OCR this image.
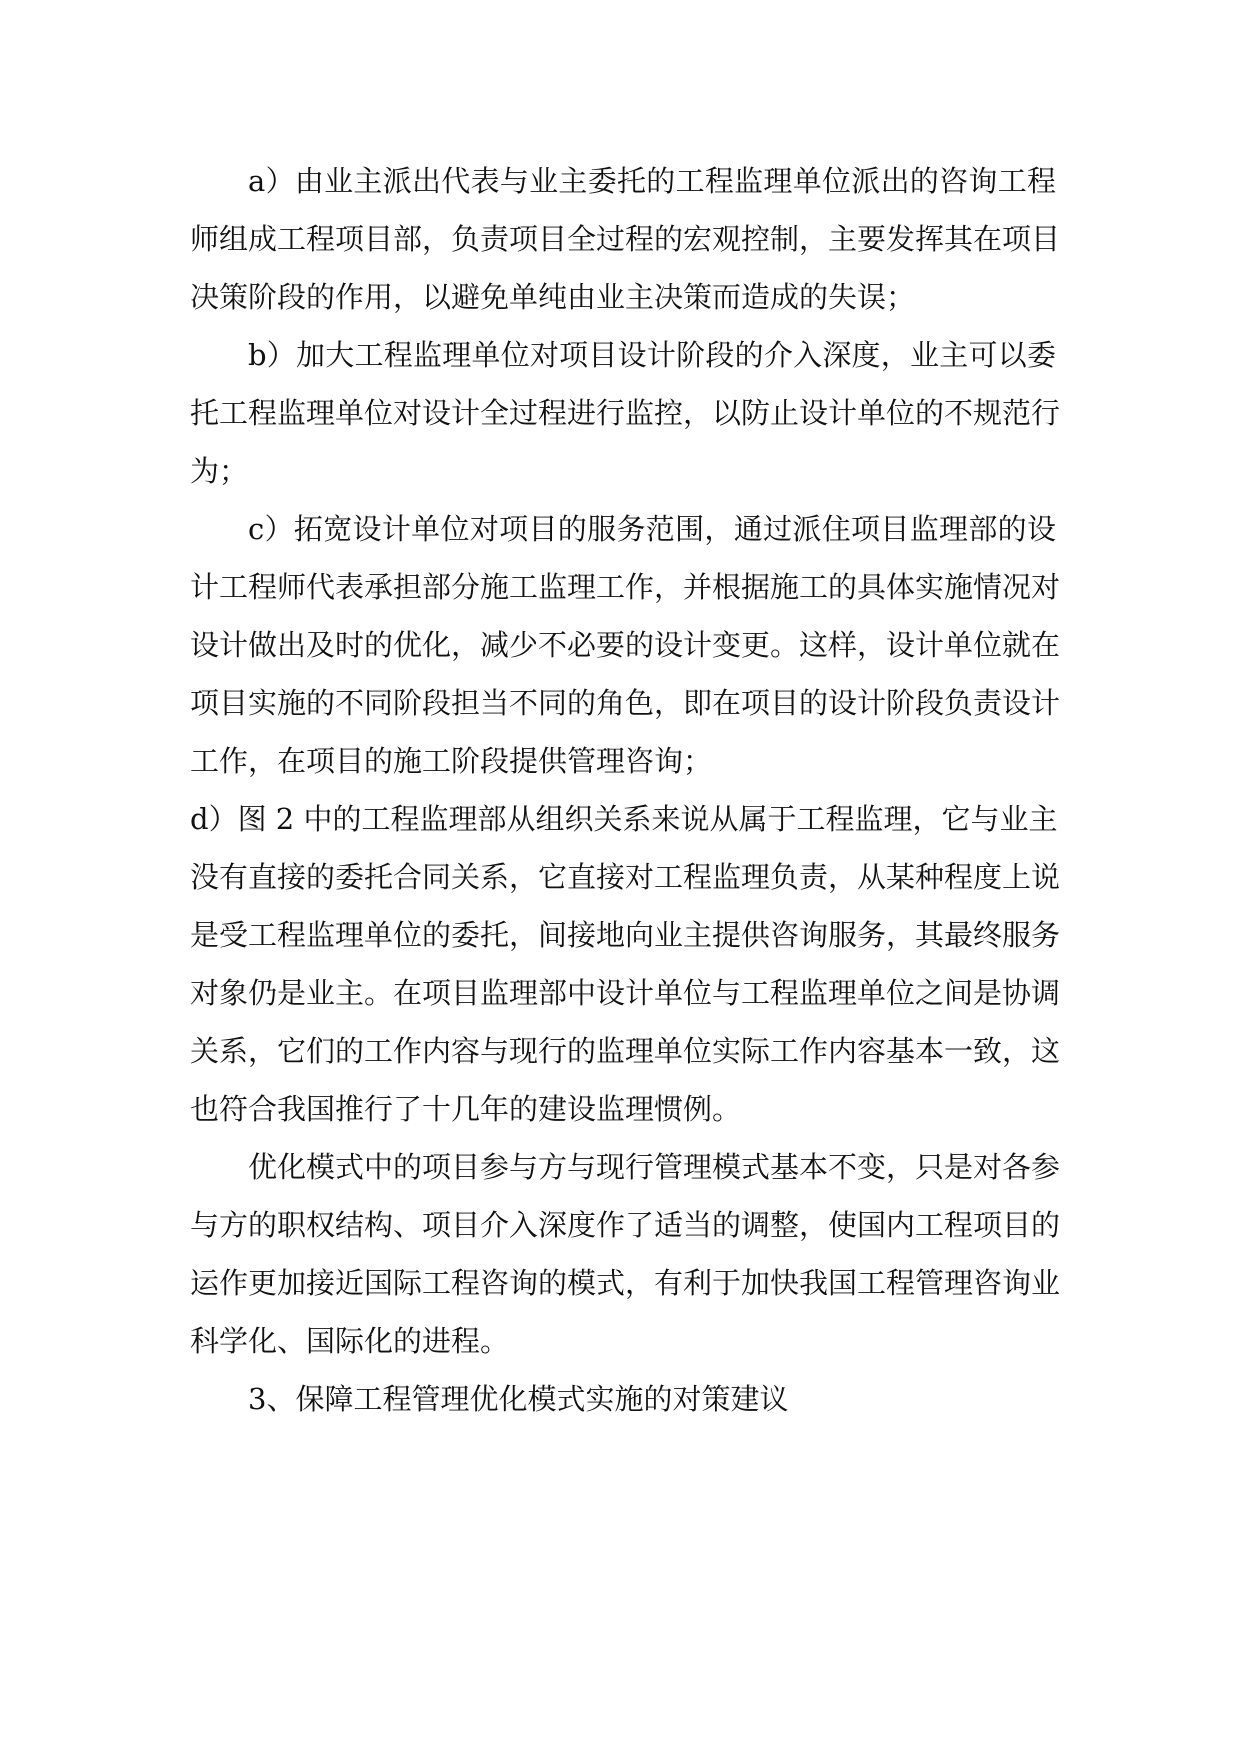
a）由业主派出代表与业主委托的工程监理单位派出的咨询工程
师组成工程项目部，负责项目全过程的宏观控制，主要发挥其在项目
决策阶段的作用，以避免单纯由业主决策而造成的失误；
b）加大工程监理单位对项目设计阶段的介入深度，业主可以委
托工程监理单位对设计全过程进行监控，以防止设计单位的不规范行
为；
c）拓宽设计单位对项目的服务范围，通过派住项目监理部的设
计工程师代表承担部分施工监理工作，并根据施工的具体实施情况对
设计做出及时的优化，减少不必要的设计变更。这样，设计单位就在
项目实施的不同阶段担当不同的角色，即在项目的设计阶段负责设计
工作，在项目的施工阶段提供管理咨询；
d）图 2 中的工程监理部从组织关系来说从属于工程监理，它与业主
没有直接的委托合同关系，它直接对工程监理负责，从某种程度上说
是受工程监理单位的委托，间接地向业主提供咨询服务，其最终服务
对象仍是业主。在项目监理部中设计单位与工程监理单位之间是协调
关系，它们的工作内容与现行的监理单位实际工作内容基本一致，这
也符合我国推行了十几年的建设监理惯例。
优化模式中的项目参与方与现行管理模式基本不变，只是对各参
与方的职权结构、项目介入深度作了适当的调整，使国内工程项目的
运作更加接近国际工程咨询的模式，有利于加快我国工程管理咨询业
科学化、国际化的进程。
3、保障工程管理优化模式实施的对策建议
